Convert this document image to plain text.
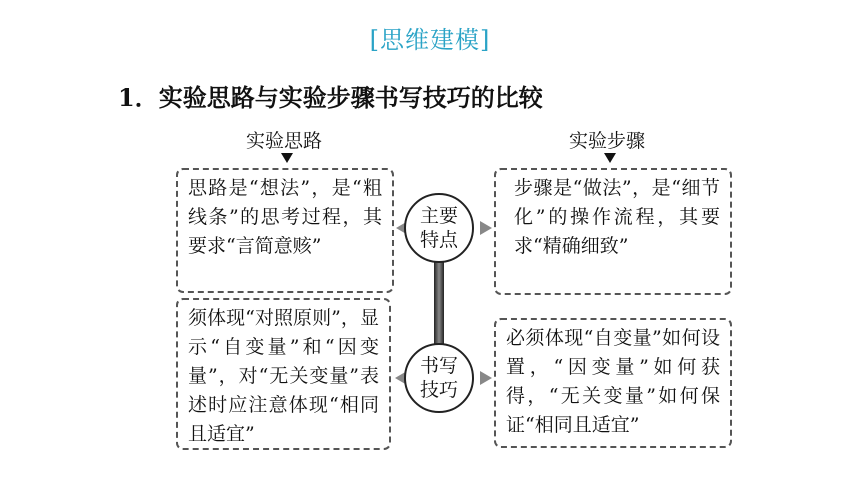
[思维建模]
1．实验思路与实验步骤书写技巧的比较
实验思路	实验步骤
思路是“想法”，是“粗线条”的思考过程，其要求“言简意赅”
步骤是“做法”，是“细节化”的操作流程，其要求“精确细致”
须体现“对照原则”，显示“自变量”和“因变量”，对“无关变量”表述时应注意体现“相同且适宜”
必须体现“自变量”如何设置，“因变量”如何获得，“无关变量”如何保证“相同且适宜”
主要
特点
书写
技巧
